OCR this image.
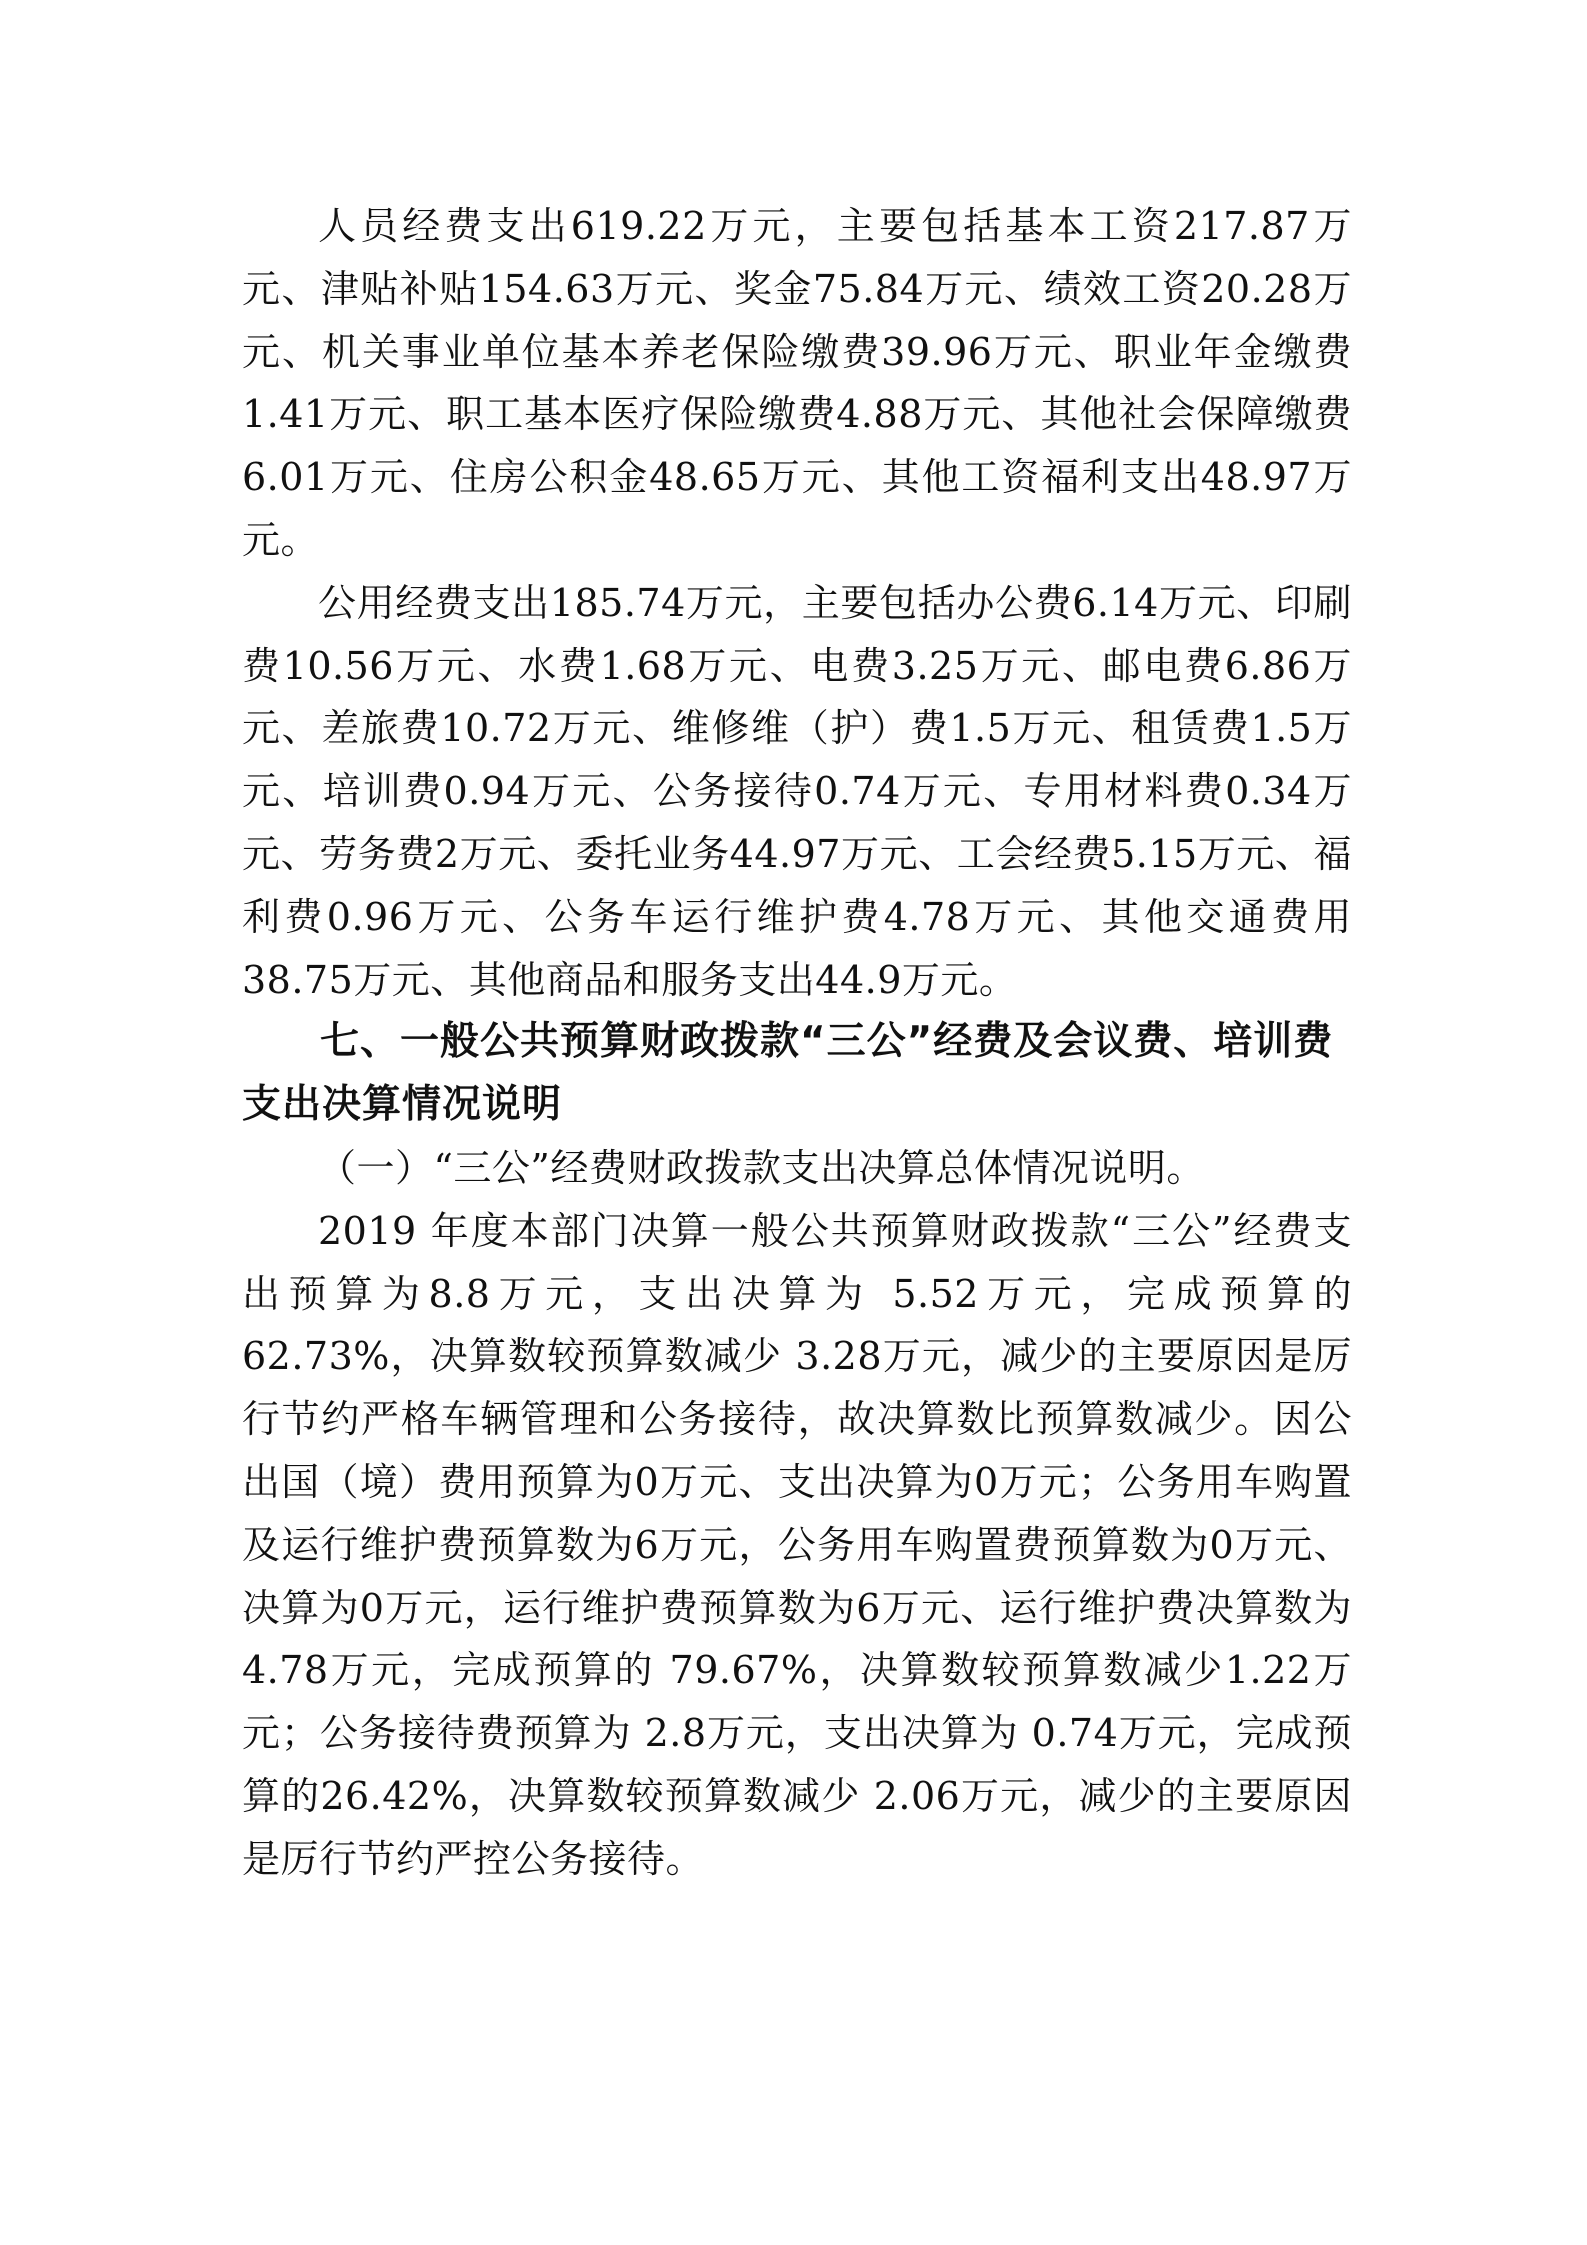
人员经费支出619.22万元，主要包括基本工资217.87万元、津贴补贴154.63万元、奖金75.84万元、绩效工资20.28万元、机关事业单位基本养老保险缴费39.96万元、职业年金缴费1.41万元、职工基本医疗保险缴费4.88万元、其他社会保障缴费6.01万元、住房公积金48.65万元、其他工资福利支出48.97万元。

公用经费支出185.74万元，主要包括办公费6.14万元、印刷费10.56万元、水费1.68万元、电费3.25万元、邮电费6.86万元、差旅费10.72万元、维修维（护）费1.5万元、租赁费1.5万元、培训费0.94万元、公务接待0.74万元、专用材料费0.34万元、劳务费2万元、委托业务44.97万元、工会经费5.15万元、福利费0.96万元、公务车运行维护费4.78万元、其他交通费用38.75万元、其他商品和服务支出44.9万元。

七、一般公共预算财政拨款“三公”经费及会议费、培训费支出决算情况说明

（一）“三公”经费财政拨款支出决算总体情况说明。

2019 年度本部门决算一般公共预算财政拨款“三公”经费支出预算为8.8万元，支出决算为 5.52万元，完成预算的62.73%，决算数较预算数减少 3.28万元，减少的主要原因是厉行节约严格车辆管理和公务接待，故决算数比预算数减少。因公出国（境）费用预算为0万元、支出决算为0万元；公务用车购置及运行维护费预算数为6万元，公务用车购置费预算数为0万元、决算为0万元，运行维护费预算数为6万元、运行维护费决算数为4.78万元，完成预算的 79.67%，决算数较预算数减少1.22万元；公务接待费预算为 2.8万元，支出决算为 0.74万元，完成预算的26.42%，决算数较预算数减少 2.06万元，减少的主要原因是厉行节约严控公务接待。
